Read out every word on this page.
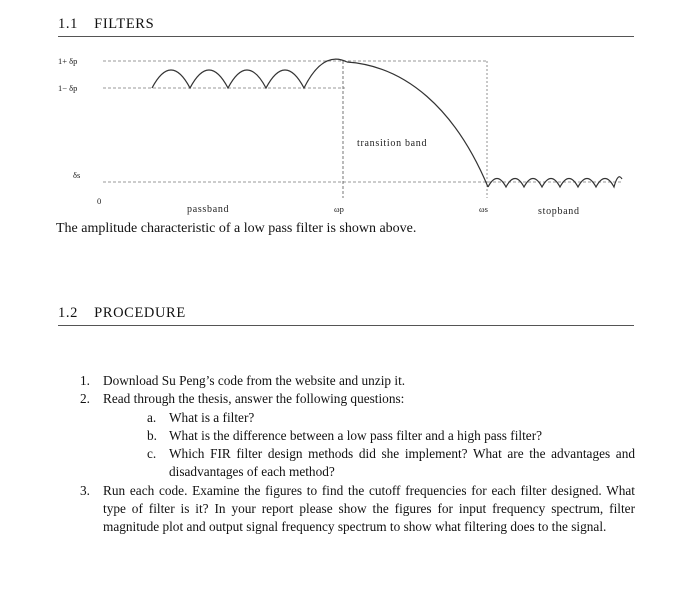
1.1 FILTERS
1+ δp
1− δp
δs
0
transition band
passband	ωp	ωs	stopband
The amplitude characteristic of a low pass filter is shown above.
1.2 PROCEDURE
1. Download Su Peng’s code from the website and unzip it.
2. Read through the thesis, answer the following questions:
a. What is a filter?
b. What is the difference between a low pass filter and a high pass filter?
c. Which FIR filter design methods did she implement? What are the advantages and disadvantages of each method?
3. Run each code. Examine the figures to find the cutoff frequencies for each filter designed. What type of filter is it? In your report please show the figures for input frequency spectrum, filter magnitude plot and output signal frequency spectrum to show what filtering does to the signal.
